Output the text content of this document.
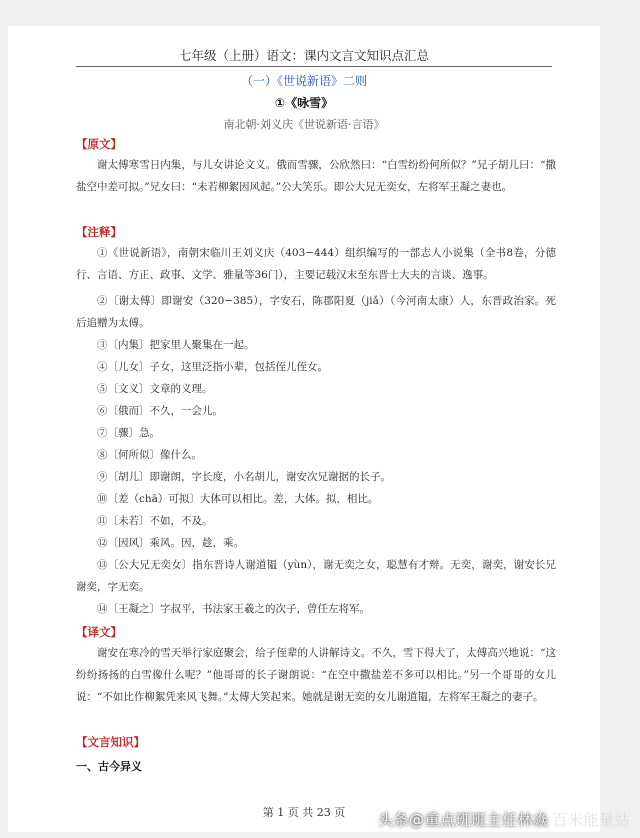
七年级（上册）语文：课内文言文知识点汇总
（一）《世说新语》二则
①《咏雪》
南北朝·刘义庆《世说新语·言语》
【原文】

谢太傅寒雪日内集，与儿女讲论文义。俄而雪骤，公欣然曰：“白雪纷纷何所似？”兄子胡儿曰：“撒盐空中差可拟。”兄女曰：“未若柳絮因风起。”公大笑乐。即公大兄无奕女，左将军王凝之妻也。

【注释】

①《世说新语》，南朝宋临川王刘义庆（403−444）组织编写的一部志人小说集（全书8卷，分德行、言语、方正、政事、文学、雅量等36门），主要记载汉末至东晋士大夫的言谈、逸事。

②〔谢太傅〕即谢安（320−385），字安石，陈郡阳夏（jiǎ）（今河南太康）人，东晋政治家。死后追赠为太傅。

③〔内集〕把家里人聚集在一起。

④〔儿女〕子女，这里泛指小辈，包括侄儿侄女。

⑤〔文义〕文章的义理。

⑥〔俄而〕不久，一会儿。

⑦〔骤〕急。

⑧〔何所似〕像什么。

⑨〔胡儿〕即谢朗，字长度，小名胡儿，谢安次兄谢据的长子。

⑩〔差（chā）可拟〕大体可以相比。差，大体。拟，相比。

⑪〔未若〕不如，不及。

⑫〔因风〕乘风。因，趁，乘。

⑬〔公大兄无奕女〕指东晋诗人谢道韫（yùn），谢无奕之女，聪慧有才辩。无奕，谢奕，谢安长兄谢奕，字无奕。

⑭〔王凝之〕字叔平，书法家王羲之的次子，曾任左将军。

【译文】

谢安在寒冷的雪天举行家庭聚会，给子侄辈的人讲解诗文。不久，雪下得大了，太傅高兴地说：“这纷纷扬扬的白雪像什么呢？”他哥哥的长子谢朗说：“在空中撒盐差不多可以相比。”另一个哥哥的女儿说：“不如比作柳絮凭来风飞舞。”太傅大笑起来。她就是谢无奕的女儿谢道韫，左将军王凝之的妻子。

【文言知识】
一、古今异义
第 1 页 共 23 页	头条@重点班班主任林焱 百米能量站
